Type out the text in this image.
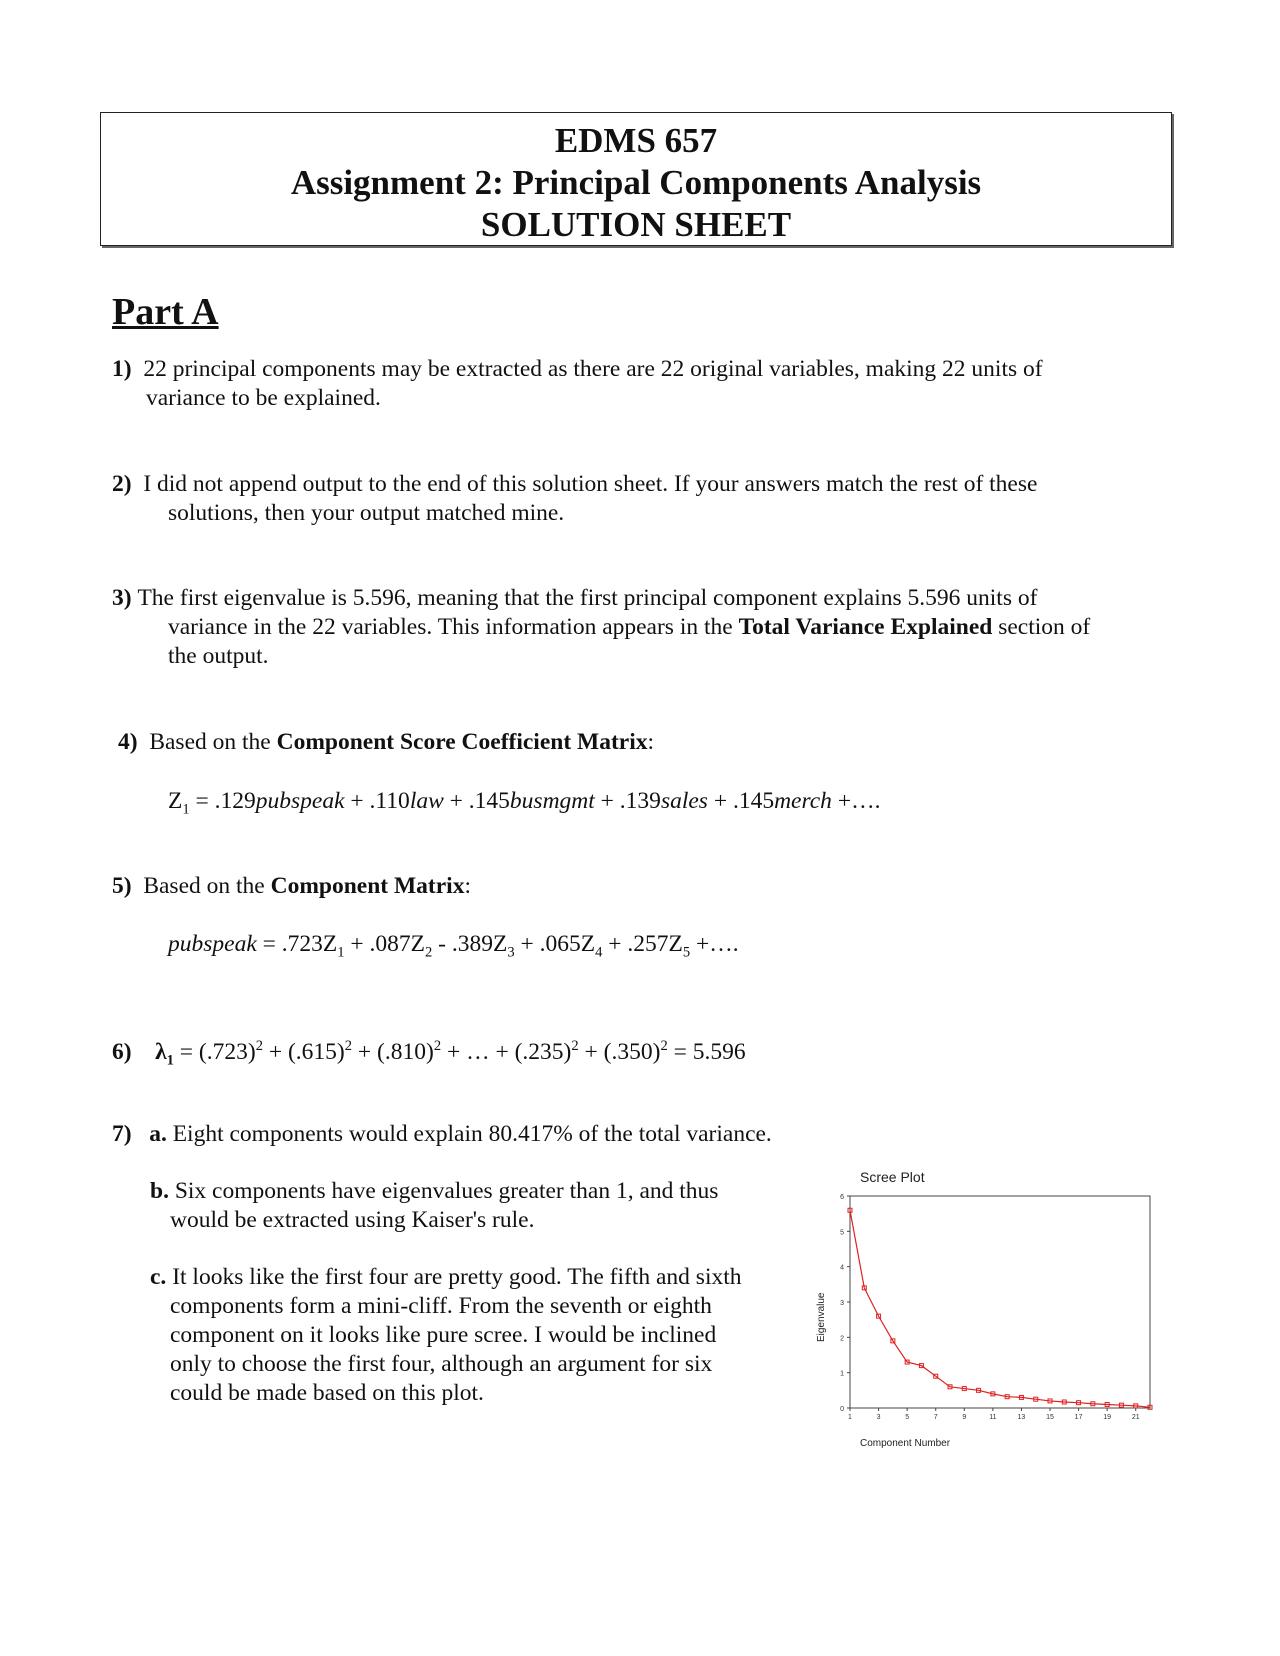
EDMS 657
Assignment 2: Principal Components Analysis
SOLUTION SHEET
Part A
1) 22 principal components may be extracted as there are 22 original variables, making 22 units of
variance to be explained.
2) I did not append output to the end of this solution sheet. If your answers match the rest of these
solutions, then your output matched mine.
3) The first eigenvalue is 5.596, meaning that the first principal component explains 5.596 units of
variance in the 22 variables. This information appears in the Total Variance Explained section of
the output.
4) Based on the Component Score Coefficient Matrix:
$Z_1$ = .129pubspeak + .110law + .145busmgmt + .139sales + .145merch +….
5) Based on the Component Matrix:
pubspeak = $.723Z_1 + .087Z_2 - .389Z_3 + .065Z_4 + .257Z_5$ +….
6) $\lambda_1 = (.723)^2 + (.615)^2 + (.810)^2$ + … + $(.235)^2 + (.350)^2 = 5.596$
7) a. Eight components would explain 80.417% of the total variance.
b. Six components have eigenvalues greater than 1, and thus
would be extracted using Kaiser's rule.
c. It looks like the first four are pretty good. The fifth and sixth
components form a mini-cliff. From the seventh or eighth
component on it looks like pure scree. I would be inclined
only to choose the first four, although an argument for six
could be made based on this plot.
Scree Plot
0
1
2
3
4
5
6
1	3	5	7	9	11	13	15	17	19	21
Eigenvalue
Component Number
